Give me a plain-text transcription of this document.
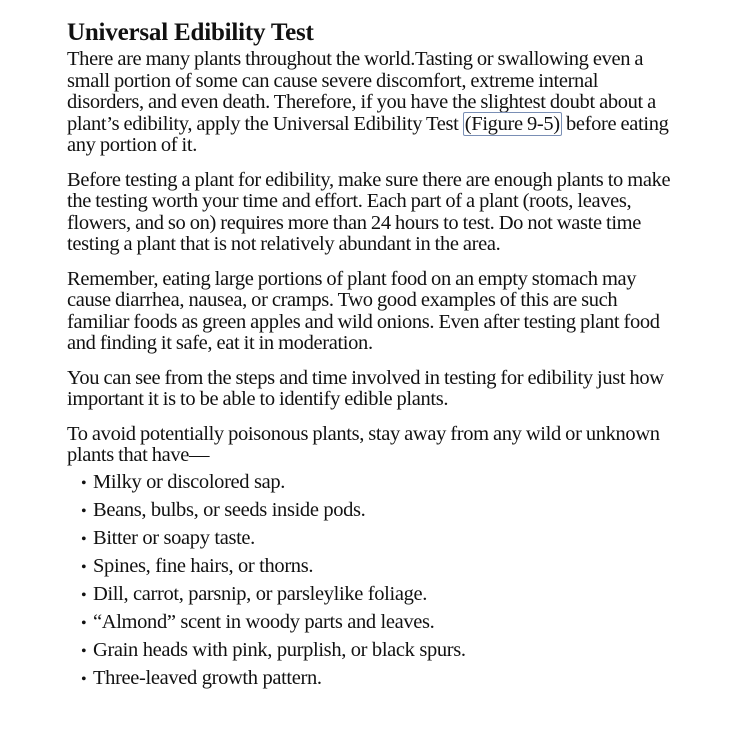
Universal Edibility Test

There are many plants throughout the world.Tasting or swallowing even a small portion of some can cause severe discomfort, extreme internal disorders, and even death. Therefore, if you have the slightest doubt about a plant’s edibility, apply the Universal Edibility Test (Figure 9-5) before eating any portion of it.

Before testing a plant for edibility, make sure there are enough plants to make the testing worth your time and effort. Each part of a plant (roots, leaves, flowers, and so on) requires more than 24 hours to test. Do not waste time testing a plant that is not relatively abundant in the area.

Remember, eating large portions of plant food on an empty stomach may cause diarrhea, nausea, or cramps. Two good examples of this are such familiar foods as green apples and wild onions. Even after testing plant food and finding it safe, eat it in moderation.

You can see from the steps and time involved in testing for edibility just how important it is to be able to identify edible plants.

To avoid potentially poisonous plants, stay away from any wild or unknown plants that have—

• Milky or discolored sap.
• Beans, bulbs, or seeds inside pods.
• Bitter or soapy taste.
• Spines, fine hairs, or thorns.
• Dill, carrot, parsnip, or parsleylike foliage.
• “Almond” scent in woody parts and leaves.
• Grain heads with pink, purplish, or black spurs.
• Three-leaved growth pattern.
